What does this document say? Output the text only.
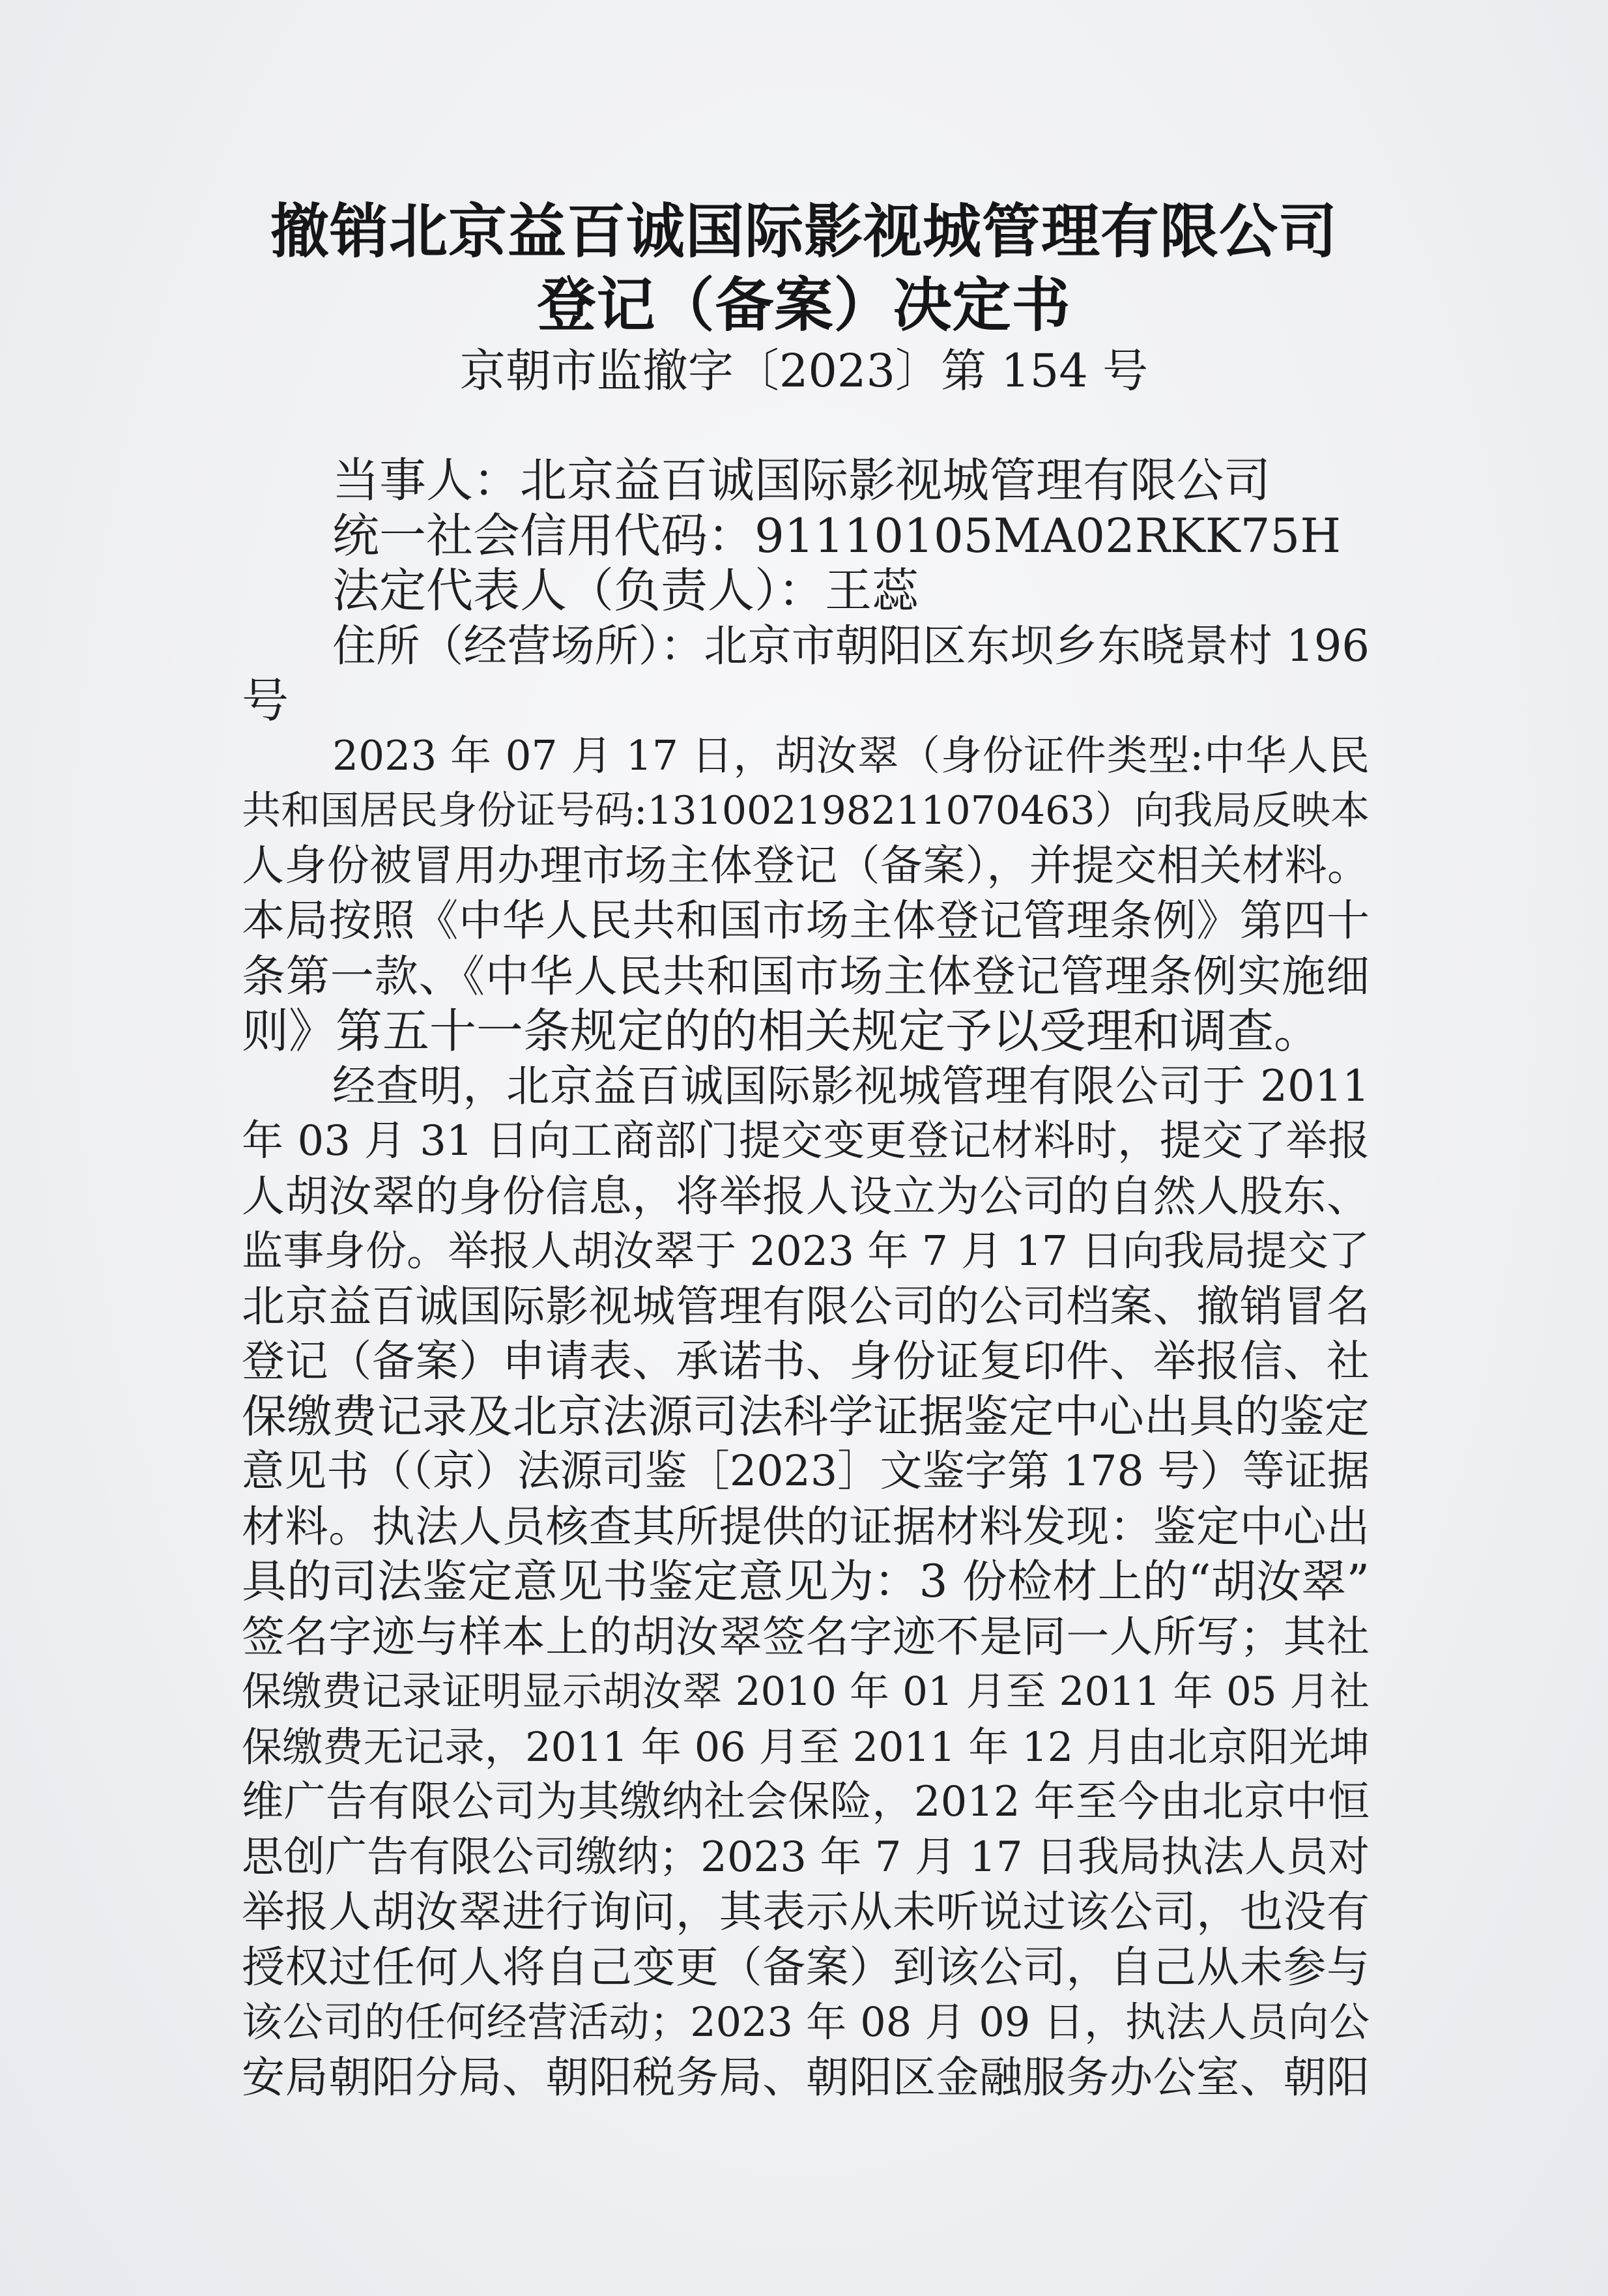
撤销北京益百诚国际影视城管理有限公司
登记（备案）决定书
京朝市监撤字〔2023〕第 154 号
当事人：北京益百诚国际影视城管理有限公司
统一社会信用代码：91110105MA02RKK75H
法定代表人（负责人）：王蕊
住所（经营场所）：北京市朝阳区东坝乡东晓景村 196
号
2023 年 07 月 17 日，胡汝翠（身份证件类型:中华人民
共和国居民身份证号码:131002198211070463）向我局反映本
人身份被冒用办理市场主体登记（备案），并提交相关材料。
本局按照《中华人民共和国市场主体登记管理条例》第四十
条第一款、《中华人民共和国市场主体登记管理条例实施细
则》第五十一条规定的的相关规定予以受理和调查。
经查明，北京益百诚国际影视城管理有限公司于 2011
年 03 月 31 日向工商部门提交变更登记材料时，提交了举报
人胡汝翠的身份信息，将举报人设立为公司的自然人股东、
监事身份。举报人胡汝翠于 2023 年 7 月 17 日向我局提交了
北京益百诚国际影视城管理有限公司的公司档案、撤销冒名
登记（备案）申请表、承诺书、身份证复印件、举报信、社
保缴费记录及北京法源司法科学证据鉴定中心出具的鉴定
意见书（（京）法源司鉴［2023］文鉴字第 178 号）等证据
材料。执法人员核查其所提供的证据材料发现：鉴定中心出
具的司法鉴定意见书鉴定意见为：3 份检材上的“胡汝翠”
签名字迹与样本上的胡汝翠签名字迹不是同一人所写；其社
保缴费记录证明显示胡汝翠 2010 年 01 月至 2011 年 05 月社
保缴费无记录，2011 年 06 月至 2011 年 12 月由北京阳光坤
维广告有限公司为其缴纳社会保险，2012 年至今由北京中恒
思创广告有限公司缴纳；2023 年 7 月 17 日我局执法人员对
举报人胡汝翠进行询问，其表示从未听说过该公司，也没有
授权过任何人将自己变更（备案）到该公司，自己从未参与
该公司的任何经营活动；2023 年 08 月 09 日，执法人员向公
安局朝阳分局、朝阳税务局、朝阳区金融服务办公室、朝阳
